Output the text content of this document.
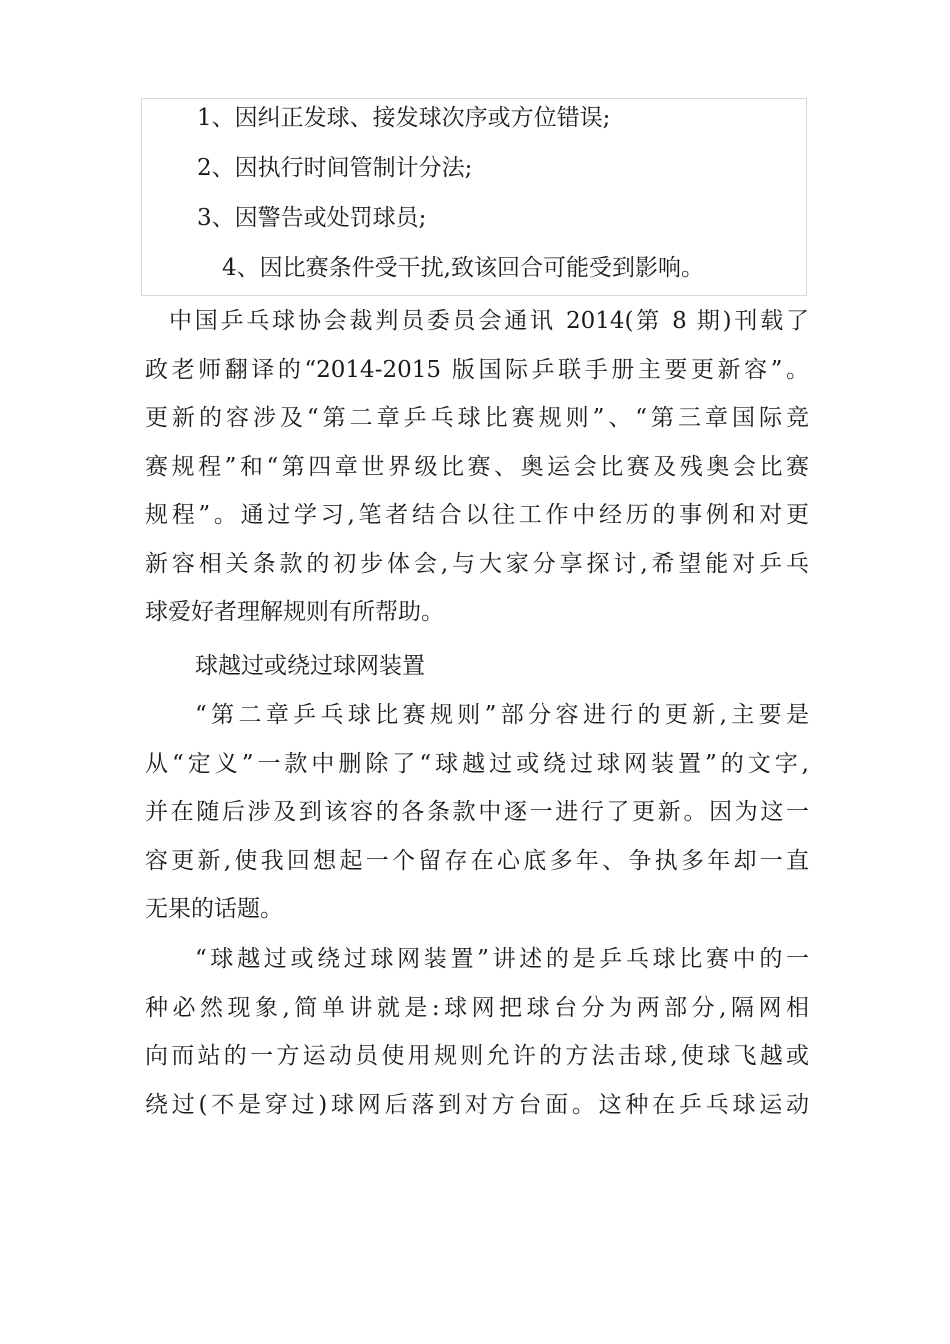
1、因纠正发球、接发球次序或方位错误;
2、因执行时间管制计分法;
3、因警告或处罚球员;
4、因比赛条件受干扰,致该回合可能受到影响。

中国乒乓球协会裁判员委员会通讯 2014(第 8 期)刊载了
政老师翻译的“2014-2015 版国际乒联手册主要更新容”。
更新的容涉及“第二章乒乓球比赛规则”、“第三章国际竞
赛规程”和“第四章世界级比赛、奥运会比赛及残奥会比赛
规程”。通过学习,笔者结合以往工作中经历的事例和对更
新容相关条款的初步体会,与大家分享探讨,希望能对乒乓
球爱好者理解规则有所帮助。

球越过或绕过球网装置

“第二章乒乓球比赛规则”部分容进行的更新,主要是
从“定义”一款中删除了“球越过或绕过球网装置”的文字,
并在随后涉及到该容的各条款中逐一进行了更新。因为这一
容更新,使我回想起一个留存在心底多年、争执多年却一直
无果的话题。

“球越过或绕过球网装置”讲述的是乒乓球比赛中的一
种必然现象,简单讲就是:球网把球台分为两部分,隔网相
向而站的一方运动员使用规则允许的方法击球,使球飞越或
绕过(不是穿过)球网后落到对方台面。这种在乒乓球运动
